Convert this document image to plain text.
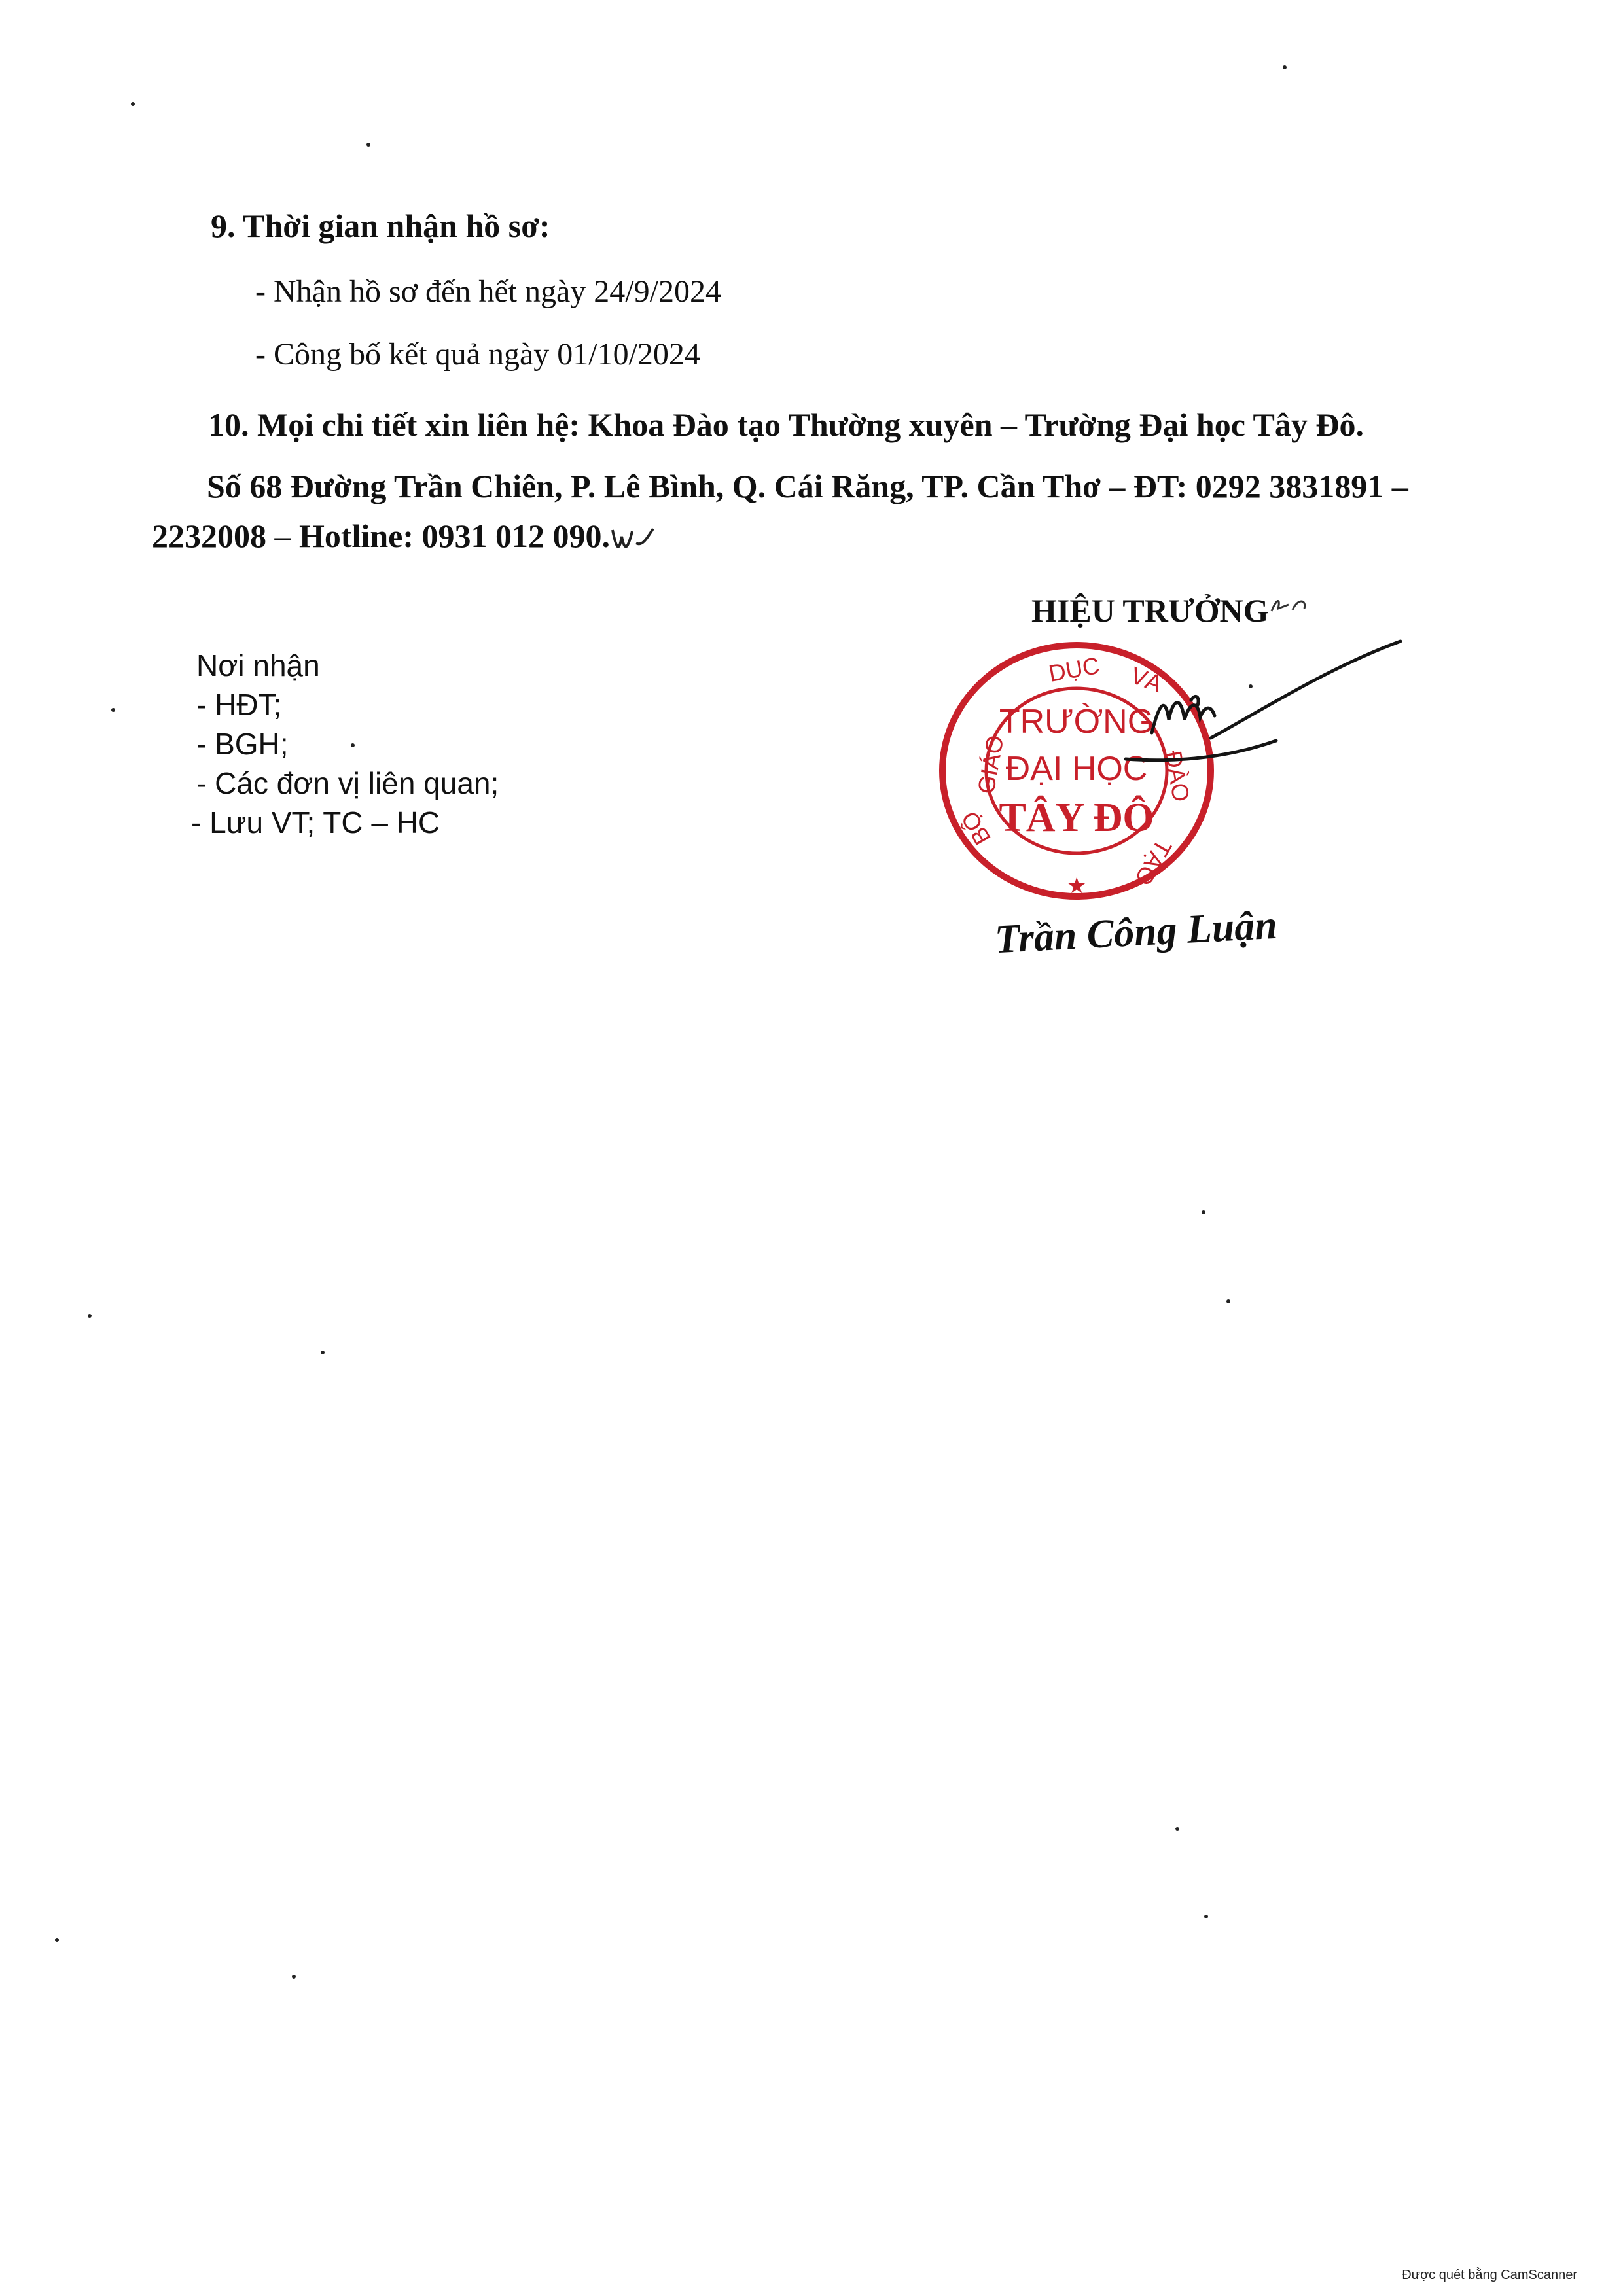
9. Thời gian nhận hồ sơ:
- Nhận hồ sơ đến hết ngày 24/9/2024
- Công bố kết quả ngày 01/10/2024
10. Mọi chi tiết xin liên hệ: Khoa Đào tạo Thường xuyên – Trường Đại học Tây Đô.
Số 68 Đường Trần Chiên, P. Lê Bình, Q. Cái Răng, TP. Cần Thơ – ĐT: 0292 3831891 –
2232008 – Hotline: 0931 012 090.
HIỆU TRƯỞNG
GIÁO
DỤC VÀ
ĐÀO
TẠO
BỘ
★
TRƯỜNG
ĐẠI HỌC
TÂY ĐÔ
Trần Công Luận
Nơi nhận
- HĐT;
- BGH;
- Các đơn vị liên quan;
- Lưu VT; TC – HC
Được quét bằng CamScanner
